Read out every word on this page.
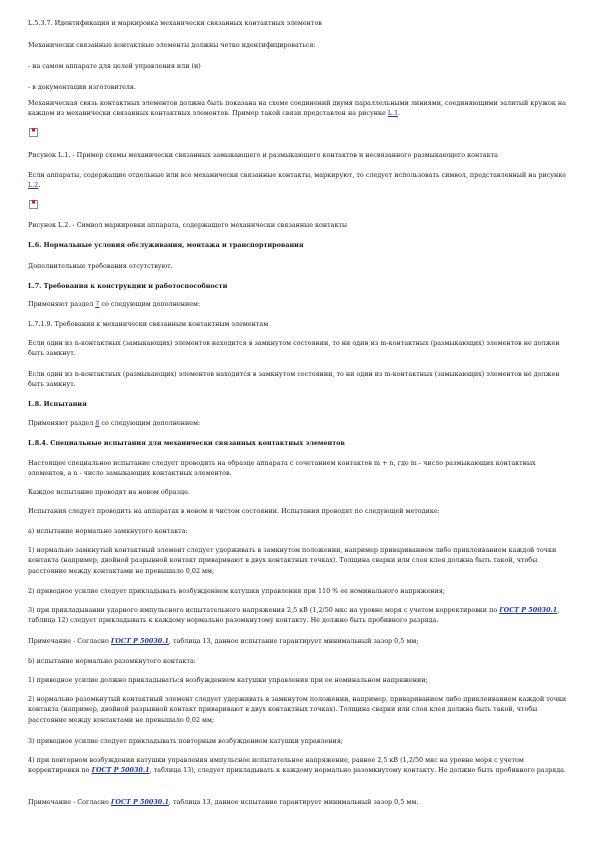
L.5.3.7. Идентификация и маркировка механически связанных контактных элементов

Механически связанные контактные элементы должны четко идентифицироваться:

- на самом аппарате для целей управления или (и)

- в документации изготовителя.

Механическая связь контактных элементов должна быть показана на схеме соединений двумя параллельными линиями, соединяющими залитый кружок на каждом из механически связанных контактных элементов. Пример такой связи представлен на рисунке L.1.

✖

Рисунок L.1. - Пример схемы механически связанных замыкающего и размыкающего контактов и несвязанного размыкающего контакта

Если аппараты, содержащие отдельные или все механически связанные контакты, маркируют, то следует использовать символ, представленный на рисунке L.2.

✖

Рисунок L.2. - Символ маркировки аппарата, содержащего механически связанные контакты

L.6. Нормальные условия обслуживания, монтажа и транспортирования

Дополнительные требования отсутствуют.

L.7. Требования к конструкции и работоспособности

Применяют раздел 7 со следующим дополнением:

L.7.1.9. Требования к механически связанным контактным элементам

Если один из n-контактных (замыкающих) элементов находится в замкнутом состоянии, то ни один из m-контактных (размыкающих) элементов не должен быть замкнут.

Если один из n-контактных (размыкающих) элементов находится в замкнутом состоянии, то ни один из m-контактных (замыкающих) элементов не должен быть замкнут.

L.8. Испытания

Применяют раздел 8 со следующим дополнением:

L.8.4. Специальные испытания для механически связанных контактных элементов

Настоящее специальное испытание следует проводить на образце аппарата с сочетанием контактов m + n, где m - число размыкающих контактных элементов, а n - число замыкающих контактных элементов.

Каждое испытание проводят на новом образце.

Испытания следует проводить на аппаратах в новом и чистом состоянии. Испытания проводят по следующей методике:

а) испытание нормально замкнутого контакта:

1) нормально замкнутый контактный элемент следует удерживать в замкнутом положении, например привариванием либо приклеиванием каждой точки контакта (например, двойной разрывной контакт приваривают в двух контактных точках). Толщина сварки или слоя клея должна быть такой, чтобы расстояние между контактами не превышало 0,02 мм;

2) приводное усилие следует прикладывать возбуждением катушки управления при 110 % ее номинального напряжения;

3) при прикладывании ударного импульсного испытательного напряжения 2,5 кВ (1,2/50 мкс на уровне моря с учетом корректировки по ГОСТ Р 50030.1, таблица 12) следует прикладывать к каждому нормально разомкнутому контакту. Не должно быть пробивного разряда.

Примечание - Согласно ГОСТ Р 50030.1, таблица 13, данное испытание гарантирует минимальный зазор 0,5 мм;

b) испытание нормально разомкнутого контакта:

1) приводное усилие должно прикладываться возбуждением катушки управления при ее номинальном напряжении;

2) нормально разомкнутый контактный элемент следует удерживать в замкнутом положении, например, привариванием либо приклеиванием каждой точки контакта (например, двойной разрывной контакт приваривают в двух контактных точках). Толщина сварки или слоя клея должна быть такой, чтобы расстояние между контактами не превышало 0,02 мм;

3) приводное усилие следует прикладывать повторным возбуждением катушки управления;

4) при повторном возбуждении катушки управления импульсное испытательное напряжение, равное 2,5 кВ (1,2/50 мкс на уровне моря с учетом корректировки по ГОСТ Р 50030.1, таблица 13), следует прикладывать к каждому нормально разомкнутому контакту. Не должно быть пробивного разряда.

Примечание - Согласно ГОСТ Р 50030.1, таблица 13, данное испытание гарантирует минимальный зазор 0,5 мм.
